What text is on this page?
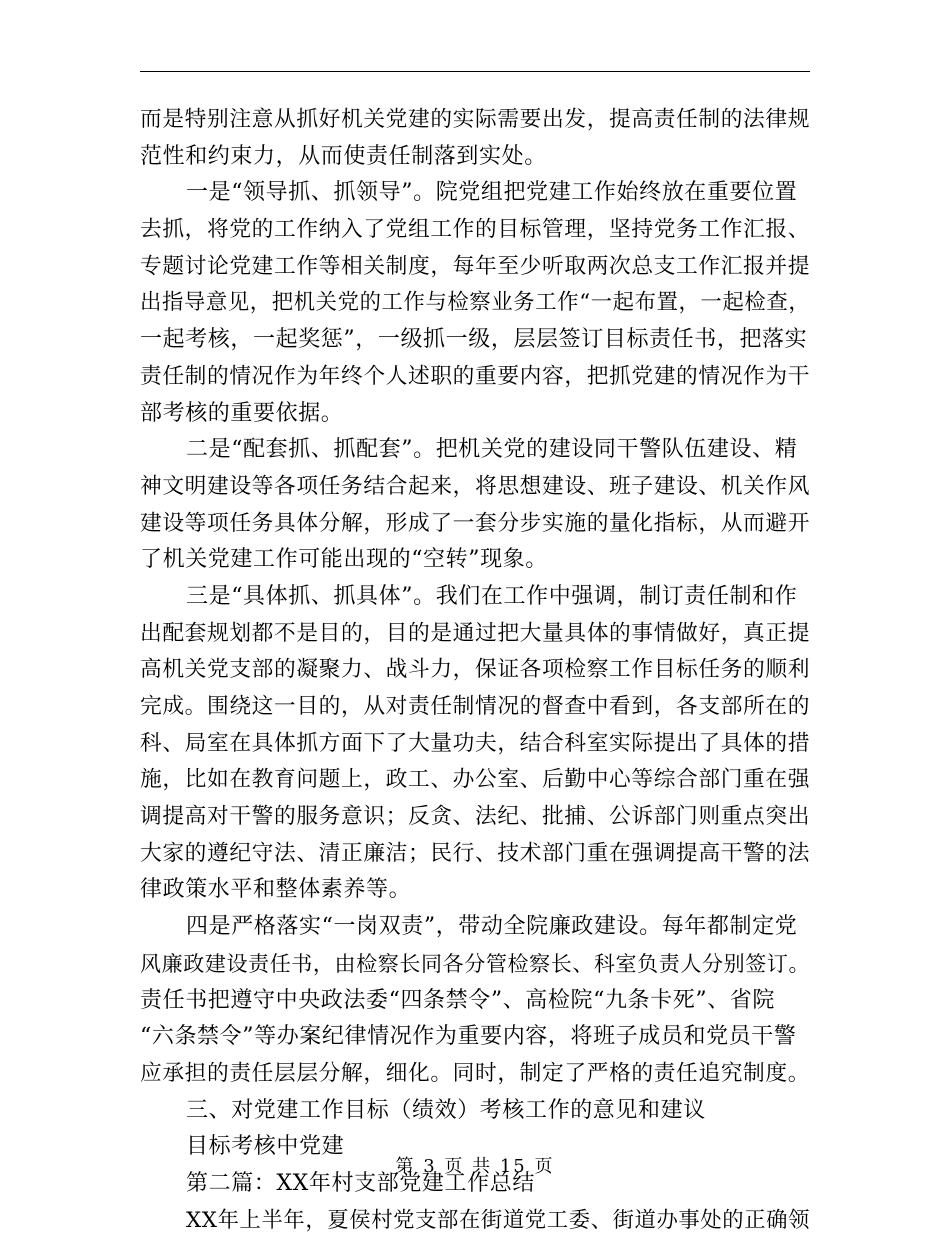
而是特别注意从抓好机关党建的实际需要出发，提高责任制的法律规
范性和约束力，从而使责任制落到实处。
一是“领导抓、抓领导”。院党组把党建工作始终放在重要位置
去抓，将党的工作纳入了党组工作的目标管理，坚持党务工作汇报、
专题讨论党建工作等相关制度，每年至少听取两次总支工作汇报并提
出指导意见，把机关党的工作与检察业务工作“一起布置，一起检查，
一起考核，一起奖惩”，一级抓一级，层层签订目标责任书，把落实
责任制的情况作为年终个人述职的重要内容，把抓党建的情况作为干
部考核的重要依据。
二是“配套抓、抓配套”。把机关党的建设同干警队伍建设、精
神文明建设等各项任务结合起来，将思想建设、班子建设、机关作风
建设等项任务具体分解，形成了一套分步实施的量化指标，从而避开
了机关党建工作可能出现的“空转”现象。
三是“具体抓、抓具体”。我们在工作中强调，制订责任制和作
出配套规划都不是目的，目的是通过把大量具体的事情做好，真正提
高机关党支部的凝聚力、战斗力，保证各项检察工作目标任务的顺利
完成。围绕这一目的，从对责任制情况的督查中看到，各支部所在的
科、局室在具体抓方面下了大量功夫，结合科室实际提出了具体的措
施，比如在教育问题上，政工、办公室、后勤中心等综合部门重在强
调提高对干警的服务意识；反贪、法纪、批捕、公诉部门则重点突出
大家的遵纪守法、清正廉洁；民行、技术部门重在强调提高干警的法
律政策水平和整体素养等。
四是严格落实“一岗双责”，带动全院廉政建设。每年都制定党
风廉政建设责任书，由检察长同各分管检察长、科室负责人分别签订。
责任书把遵守中央政法委“四条禁令”、高检院“九条卡死”、省院
“六条禁令”等办案纪律情况作为重要内容，将班子成员和党员干警
应承担的责任层层分解，细化。同时，制定了严格的责任追究制度。
三、对党建工作目标（绩效）考核工作的意见和建议
目标考核中党建
第二篇：XX年村支部党建工作总结
XX年上半年，夏侯村党支部在街道党工委、街道办事处的正确领
第 3 页 共 15 页
